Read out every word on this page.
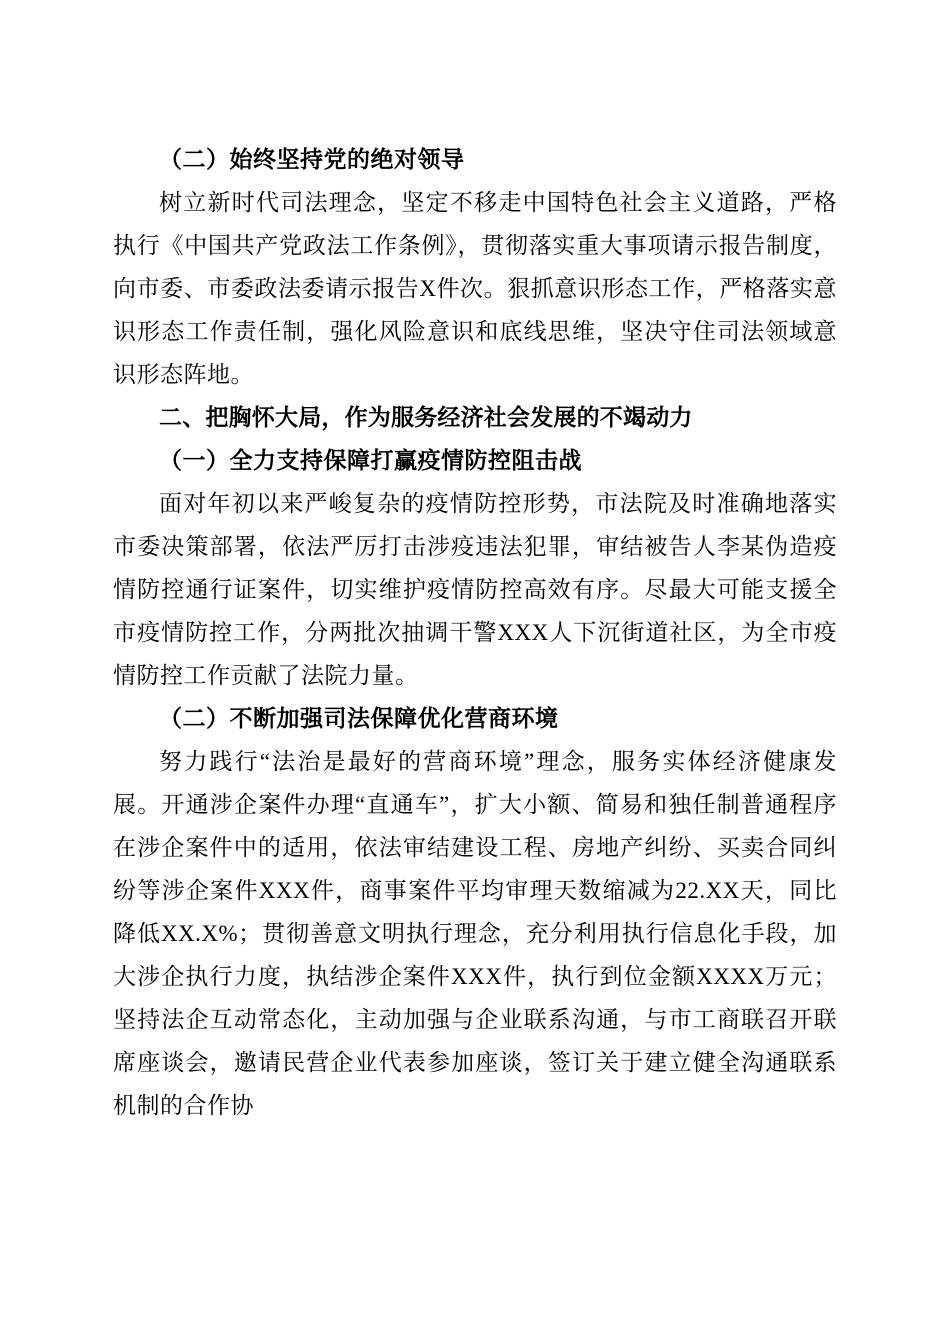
（二）始终坚持党的绝对领导

树立新时代司法理念，坚定不移走中国特色社会主义道路，严格执行《中国共产党政法工作条例》，贯彻落实重大事项请示报告制度，向市委、市委政法委请示报告X件次。狠抓意识形态工作，严格落实意识形态工作责任制，强化风险意识和底线思维，坚决守住司法领域意识形态阵地。

二、把胸怀大局，作为服务经济社会发展的不竭动力
（一）全力支持保障打赢疫情防控阻击战

面对年初以来严峻复杂的疫情防控形势，市法院及时准确地落实市委决策部署，依法严厉打击涉疫违法犯罪，审结被告人李某伪造疫情防控通行证案件，切实维护疫情防控高效有序。尽最大可能支援全市疫情防控工作，分两批次抽调干警XXX人下沉街道社区，为全市疫情防控工作贡献了法院力量。

（二）不断加强司法保障优化营商环境

努力践行“法治是最好的营商环境”理念，服务实体经济健康发展。开通涉企案件办理“直通车”，扩大小额、简易和独任制普通程序在涉企案件中的适用，依法审结建设工程、房地产纠纷、买卖合同纠纷等涉企案件XXX件，商事案件平均审理天数缩减为22.XX天，同比降低XX.X%；贯彻善意文明执行理念，充分利用执行信息化手段，加大涉企执行力度，执结涉企案件XXX件，执行到位金额XXXX万元；坚持法企互动常态化，主动加强与企业联系沟通，与市工商联召开联席座谈会，邀请民营企业代表参加座谈，签订关于建立健全沟通联系机制的合作协
